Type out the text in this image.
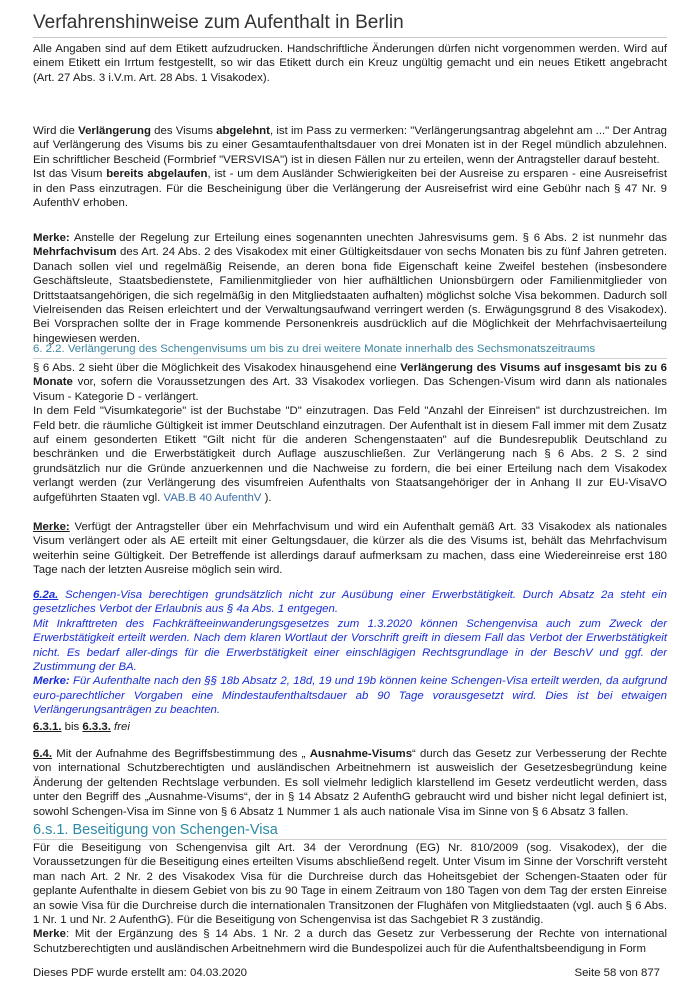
Verfahrenshinweise zum Aufenthalt in Berlin

Alle Angaben sind auf dem Etikett aufzudrucken. Handschriftliche Änderungen dürfen nicht vorgenommen werden. Wird auf einem Etikett ein Irrtum festgestellt, so wir das Etikett durch ein Kreuz ungültig gemacht und ein neues Etikett angebracht (Art. 27 Abs. 3 i.V.m. Art. 28 Abs. 1 Visakodex).

Wird die Verlängerung des Visums abgelehnt, ist im Pass zu vermerken: "Verlängerungsantrag abgelehnt am ..." Der Antrag auf Verlängerung des Visums bis zu einer Gesamtaufenthaltsdauer von drei Monaten ist in der Regel mündlich abzulehnen. Ein schriftlicher Bescheid (Formbrief "VERSVISA") ist in diesen Fällen nur zu erteilen, wenn der Antragsteller darauf besteht.
Ist das Visum bereits abgelaufen, ist - um dem Ausländer Schwierigkeiten bei der Ausreise zu ersparen - eine Ausreisefrist in den Pass einzutragen. Für die Bescheinigung über die Verlängerung der Ausreisefrist wird eine Gebühr nach § 47 Nr. 9 AufenthV erhoben.

Merke: Anstelle der Regelung zur Erteilung eines sogenannten unechten Jahresvisums gem. § 6 Abs. 2 ist nunmehr das Mehrfachvisum des Art. 24 Abs. 2 des Visakodex mit einer Gültigkeitsdauer von sechs Monaten bis zu fünf Jahren getreten. Danach sollen viel und regelmäßig Reisende, an deren bona fide Eigenschaft keine Zweifel bestehen (insbesondere Geschäftsleute, Staatsbedienstete, Familienmitglieder von hier aufhältlichen Unionsbürgern oder Familienmitglieder von Drittstaatsangehörigen, die sich regelmäßig in den Mitgliedstaaten aufhalten) möglichst solche Visa bekommen. Dadurch soll Vielreisenden das Reisen erleichtert und der Verwaltungsaufwand verringert werden (s. Erwägungsgrund 8 des Visakodex). Bei Vorsprachen sollte der in Frage kommende Personenkreis ausdrücklich auf die Möglichkeit der Mehrfachvisaerteilung hingewiesen werden.

6. 2.2. Verlängerung des Schengenvisums um bis zu drei weitere Monate innerhalb des Sechsmonatszeitraums

§ 6 Abs. 2 sieht über die Möglichkeit des Visakodex hinausgehend eine Verlängerung des Visums auf insgesamt bis zu 6 Monate vor, sofern die Voraussetzungen des Art. 33 Visakodex vorliegen. Das Schengen-Visum wird dann als nationales Visum - Kategorie D - verlängert.
In dem Feld "Visumkategorie" ist der Buchstabe "D" einzutragen. Das Feld "Anzahl der Einreisen" ist durchzustreichen. Im Feld betr. die räumliche Gültigkeit ist immer Deutschland einzutragen. Der Aufenthalt ist in diesem Fall immer mit dem Zusatz auf einem gesonderten Etikett "Gilt nicht für die anderen Schengenstaaten" auf die Bundesrepublik Deutschland zu beschränken und die Erwerbstätigkeit durch Auflage auszuschließen. Zur Verlängerung nach § 6 Abs. 2 S. 2 sind grundsätzlich nur die Gründe anzuerkennen und die Nachweise zu fordern, die bei einer Erteilung nach dem Visakodex verlangt werden (zur Verlängerung des visumfreien Aufenthalts von Staatsangehöriger der in Anhang II zur EU-VisaVO aufgeführten Staaten vgl. VAB.B 40 AufenthV ).

Merke: Verfügt der Antragsteller über ein Mehrfachvisum und wird ein Aufenthalt gemäß Art. 33 Visakodex als nationales Visum verlängert oder als AE erteilt mit einer Geltungsdauer, die kürzer als die des Visums ist, behält das Mehrfachvisum weiterhin seine Gültigkeit. Der Betreffende ist allerdings darauf aufmerksam zu machen, dass eine Wiedereinreise erst 180 Tage nach der letzten Ausreise möglich sein wird.

6.2a. Schengen-Visa berechtigen grundsätzlich nicht zur Ausübung einer Erwerbstätigkeit. Durch Absatz 2a steht ein gesetzliches Verbot der Erlaubnis aus § 4a Abs. 1 entgegen.
Mit Inkrafttreten des Fachkräfteeinwanderungsgesetzes zum 1.3.2020 können Schengenvisa auch zum Zweck der Erwerbstätigkeit erteilt werden. Nach dem klaren Wortlaut der Vorschrift greift in diesem Fall das Verbot der Erwerbstätigkeit nicht. Es bedarf aller-dings für die Erwerbstätigkeit einer einschlägigen Rechtsgrundlage in der BeschV und ggf. der Zustimmung der BA.
Merke: Für Aufenthalte nach den §§ 18b Absatz 2, 18d, 19 und 19b können keine Schengen-Visa erteilt werden, da aufgrund euro-parechtlicher Vorgaben eine Mindestaufenthaltsdauer ab 90 Tage vorausgesetzt wird. Dies ist bei etwaigen Verlängerungsanträgen zu beachten.

6.3.1. bis 6.3.3. frei

6.4. Mit der Aufnahme des Begriffsbestimmung des „ Ausnahme-Visums“ durch das Gesetz zur Verbesserung der Rechte von international Schutzberechtigten und ausländischen Arbeitnehmern ist ausweislich der Gesetzesbegründung keine Änderung der geltenden Rechtslage verbunden. Es soll vielmehr lediglich klarstellend im Gesetz verdeutlicht werden, dass unter den Begriff des „Ausnahme-Visums“, der in § 14 Absatz 2 AufenthG gebraucht wird und bisher nicht legal definiert ist, sowohl Schengen-Visa im Sinne von § 6 Absatz 1 Nummer 1 als auch nationale Visa im Sinne von § 6 Absatz 3 fallen.

6.s.1. Beseitigung von Schengen-Visa

Für die Beseitigung von Schengenvisa gilt Art. 34 der Verordnung (EG) Nr. 810/2009 (sog. Visakodex), der die Voraussetzungen für die Beseitigung eines erteilten Visums abschließend regelt. Unter Visum im Sinne der Vorschrift versteht man nach Art. 2 Nr. 2 des Visakodex Visa für die Durchreise durch das Hoheitsgebiet der Schengen-Staaten oder für geplante Aufenthalte in diesem Gebiet von bis zu 90 Tage in einem Zeitraum von 180 Tagen von dem Tag der ersten Einreise an sowie Visa für die Durchreise durch die internationalen Transitzonen der Flughäfen von Mitgliedstaaten (vgl. auch § 6 Abs. 1 Nr. 1 und Nr. 2 AufenthG). Für die Beseitigung von Schengenvisa ist das Sachgebiet R 3 zuständig.
Merke: Mit der Ergänzung des § 14 Abs. 1 Nr. 2 a durch das Gesetz zur Verbesserung der Rechte von international Schutzberechtigten und ausländischen Arbeitnehmern wird die Bundespolizei auch für die Aufenthaltsbeendigung in Form

Dieses PDF wurde erstellt am: 04.03.2020	Seite 58 von 877
